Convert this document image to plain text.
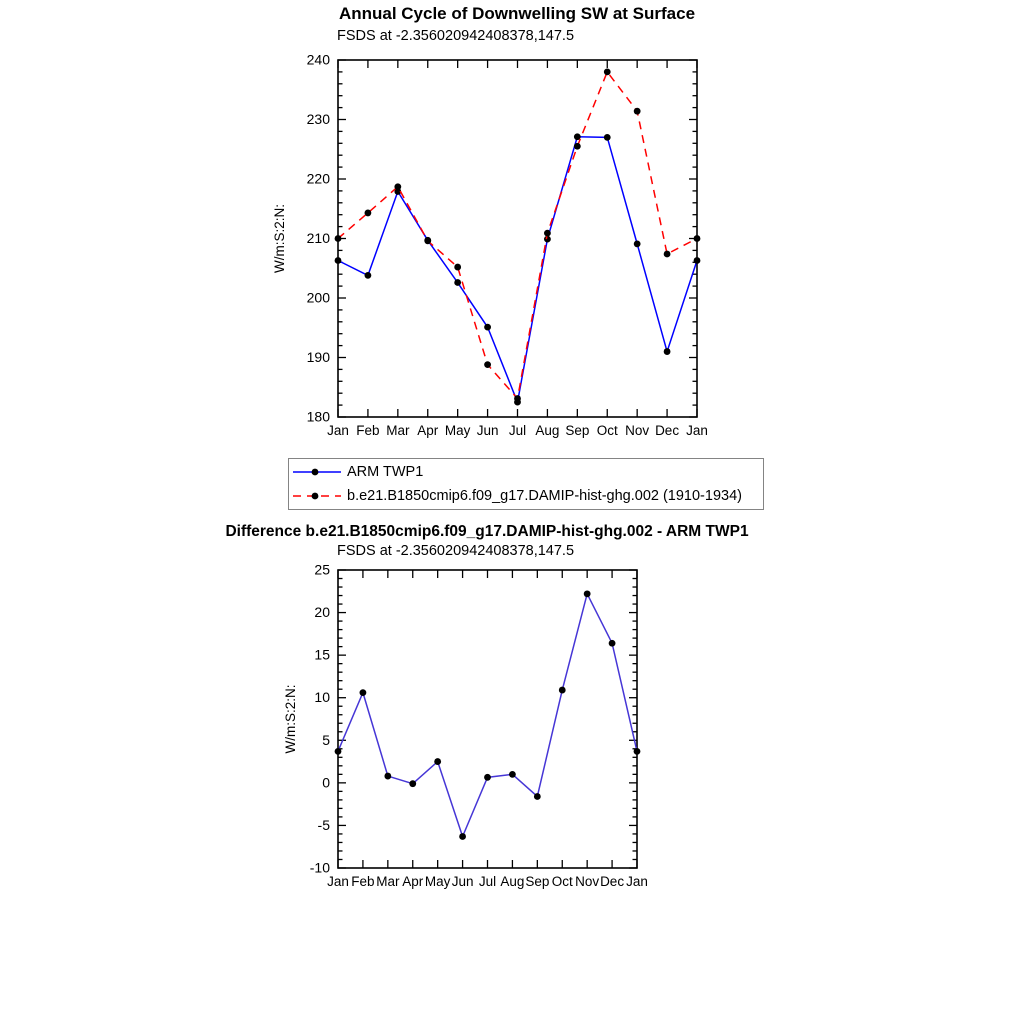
Annual Cycle of Downwelling SW at Surface
FSDS at -2.356020942408378,147.5
180
190
200
210
220
230
240
Jan Feb Mar Apr May Jun Jul Aug Sep Oct Nov Dec Jan
W/m:S:2:N:
ARM TWP1
b.e21.B1850cmip6.f09_g17.DAMIP-hist-ghg.002 (1910-1934)
Difference b.e21.B1850cmip6.f09_g17.DAMIP-hist-ghg.002 - ARM TWP1
FSDS at -2.356020942408378,147.5
-10
-5
0
5
10
15
20
25
Jan Feb Mar Apr May Jun Jul Aug Sep Oct Nov Dec Jan
W/m:S:2:N:
